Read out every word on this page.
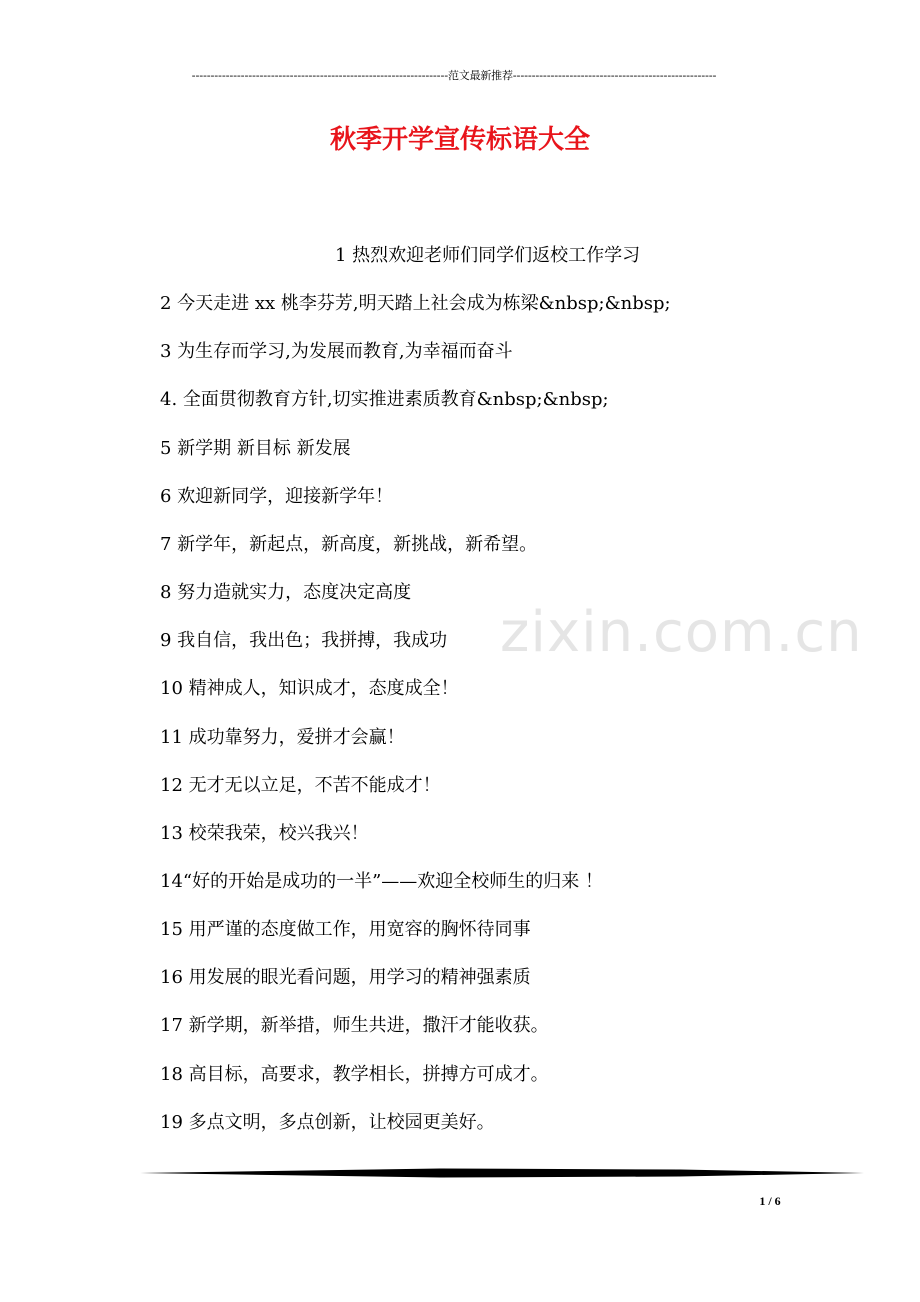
--------------------------------------------------------------------范文最新推荐------------------------------------------------------
秋季开学宣传标语大全
zixin.com.cn
1 热烈欢迎老师们同学们返校工作学习
2 今天走进 xx 桃李芬芳,明天踏上社会成为栋梁&nbsp;&nbsp;
3 为生存而学习,为发展而教育,为幸福而奋斗
4. 全面贯彻教育方针,切实推进素质教育&nbsp;&nbsp;
5 新学期 新目标 新发展
6 欢迎新同学，迎接新学年！
7 新学年，新起点，新高度，新挑战，新希望。
8 努力造就实力，态度决定高度
9 我自信，我出色；我拼搏，我成功
10 精神成人，知识成才，态度成全！
11 成功靠努力，爱拼才会赢！
12 无才无以立足，不苦不能成才！
13 校荣我荣，校兴我兴！
14“好的开始是成功的一半”——欢迎全校师生的归来 ！
15 用严谨的态度做工作，用宽容的胸怀待同事
16 用发展的眼光看问题，用学习的精神强素质
17 新学期，新举措，师生共进，撒汗才能收获。
18 高目标，高要求，教学相长，拼搏方可成才。
19 多点文明，多点创新，让校园更美好。
1 / 6
